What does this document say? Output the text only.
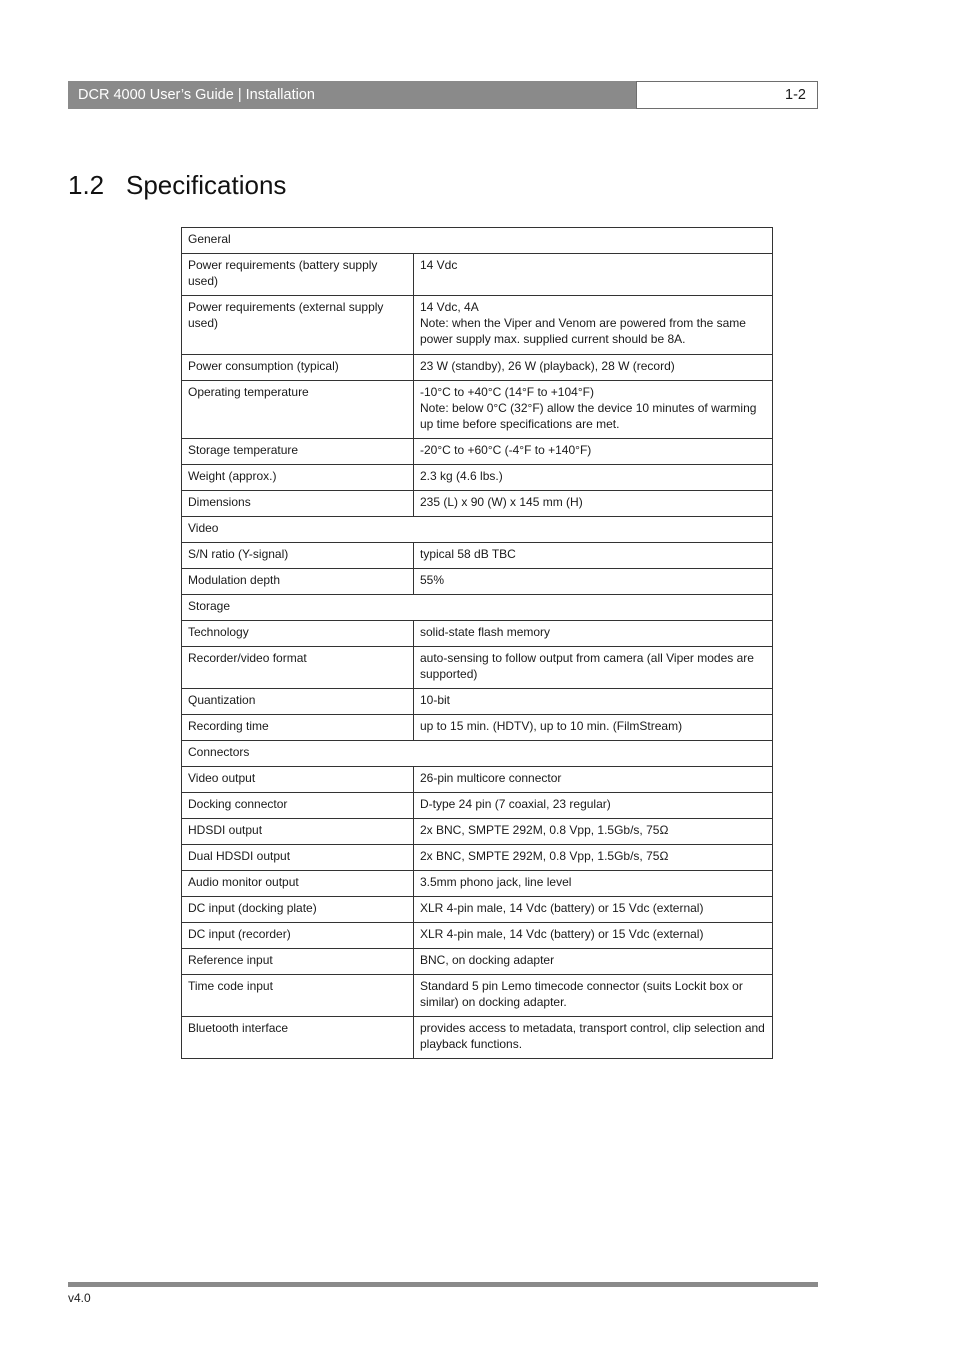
DCR 4000 User’s Guide | Installation	1-2
1.2 Specifications
General	
Power requirements (battery supply used)	14 Vdc

Power requirements (external supply used)	14 Vdc, 4A
Note: when the Viper and Venom are powered from the same power supply max. supplied current should be 8A.

Power consumption (typical)	23 W (standby), 26 W (playback), 28 W (record)

Operating temperature	-10°C to +40°C (14°F to +104°F)
Note: below 0°C (32°F) allow the device 10 minutes of warming up time before specifications are met.

Storage temperature	-20°C to +60°C (-4°F to +140°F)

Weight (approx.)	2.3 kg (4.6 lbs.)

Dimensions	235 (L) x 90 (W) x 145 mm (H)

Video	
S/N ratio (Y-signal)	typical 58 dB TBC

Modulation depth	55%

Storage	
Technology	solid-state flash memory

Recorder/video format	auto-sensing to follow output from camera (all Viper modes are supported)

Quantization	10-bit

Recording time	up to 15 min. (HDTV), up to 10 min. (FilmStream)

Connectors	
Video output	26-pin multicore connector

Docking connector	D-type 24 pin (7 coaxial, 23 regular)

HDSDI output	2x BNC, SMPTE 292M, 0.8 Vpp, 1.5Gb/s, 75Ω

Dual HDSDI output	2x BNC, SMPTE 292M, 0.8 Vpp, 1.5Gb/s, 75Ω

Audio monitor output	3.5mm phono jack, line level

DC input (docking plate)	XLR 4-pin male, 14 Vdc (battery) or 15 Vdc (external)

DC input (recorder)	XLR 4-pin male, 14 Vdc (battery) or 15 Vdc (external)

Reference input	BNC, on docking adapter

Time code input	Standard 5 pin Lemo timecode connector (suits Lockit box or similar) on docking adapter.

Bluetooth interface	provides access to metadata, transport control, clip selection and playback functions.
v4.0
